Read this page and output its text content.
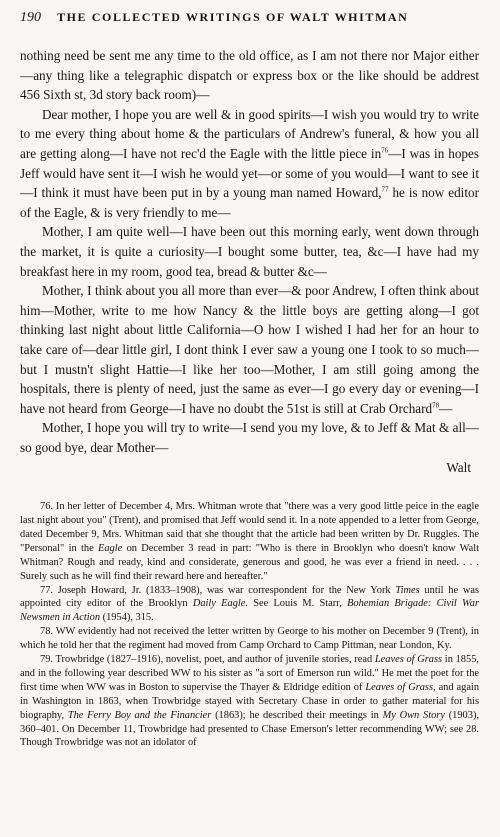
190	THE COLLECTED WRITINGS OF WALT WHITMAN

nothing need be sent me any time to the old office, as I am not there nor Major either—any thing like a telegraphic dispatch or express box or the like should be addrest 456 Sixth st, 3d story back room)—

Dear mother, I hope you are well & in good spirits—I wish you would try to write to me every thing about home & the particulars of Andrew's funeral, & how you all are getting along—I have not rec'd the Eagle with the little piece $in^{76}—I$ was in hopes Jeff would have sent it—I wish he would yet—or some of you would—I want to see it—I think it must have been put in by a young man named Howard,$^{77}$ he is now editor of the Eagle, & is very friendly to me—

Mother, I am quite well—I have been out this morning early, went down through the market, it is quite a curiosity—I bought some butter, tea, &c—I have had my breakfast here in my room, good tea, bread & butter &c—

Mother, I think about you all more than ever—& poor Andrew, I often think about him—Mother, write to me how Nancy & the little boys are getting along—I got thinking last night about little California—O how I wished I had her for an hour to take care of—dear little girl, I dont think I ever saw a young one I took to so much—but I mustn't slight Hattie—I like her too—Mother, I am still going among the hospitals, there is plenty of need, just the same as ever—I go every day or evening—I have not heard from George—I have no doubt the 51st is still at Crab Orchard$^{78}$—

Mother, I hope you will try to write—I send you my love, & to Jeff & Mat & all—so good bye, dear Mother—

Walt

76. In her letter of December 4, Mrs. Whitman wrote that "there was a very good little peice in the eagle last night about you" (Trent), and promised that Jeff would send it. In a note appended to a letter from George, dated December 9, Mrs. Whitman said that she thought that the article had been written by Dr. Ruggles. The "Personal" in the Eagle on December 3 read in part: "Who is there in Brooklyn who doesn't know Walt Whitman? Rough and ready, kind and considerate, generous and good, he was ever a friend in need. . . . Surely such as he will find their reward here and hereafter."

77. Joseph Howard, Jr. (1833–1908), was war correspondent for the New York Times until he was appointed city editor of the Brooklyn Daily Eagle. See Louis M. Starr, Bohemian Brigade: Civil War Newsmen in Action (1954), 315.

78. WW evidently had not received the letter written by George to his mother on December 9 (Trent), in which he told her that the regiment had moved from Camp Orchard to Camp Pittman, near London, Ky.

79. Trowbridge (1827–1916), novelist, poet, and author of juvenile stories, read Leaves of Grass in 1855, and in the following year described WW to his sister as "a sort of Emerson run wild." He met the poet for the first time when WW was in Boston to supervise the Thayer & Eldridge edition of Leaves of Grass, and again in Washington in 1863, when Trowbridge stayed with Secretary Chase in order to gather material for his biography, The Ferry Boy and the Financier (1863); he described their meetings in My Own Story (1903), 360–401. On December 11, Trowbridge had presented to Chase Emerson's letter recommending WW; see 28. Though Trowbridge was not an idolator of
